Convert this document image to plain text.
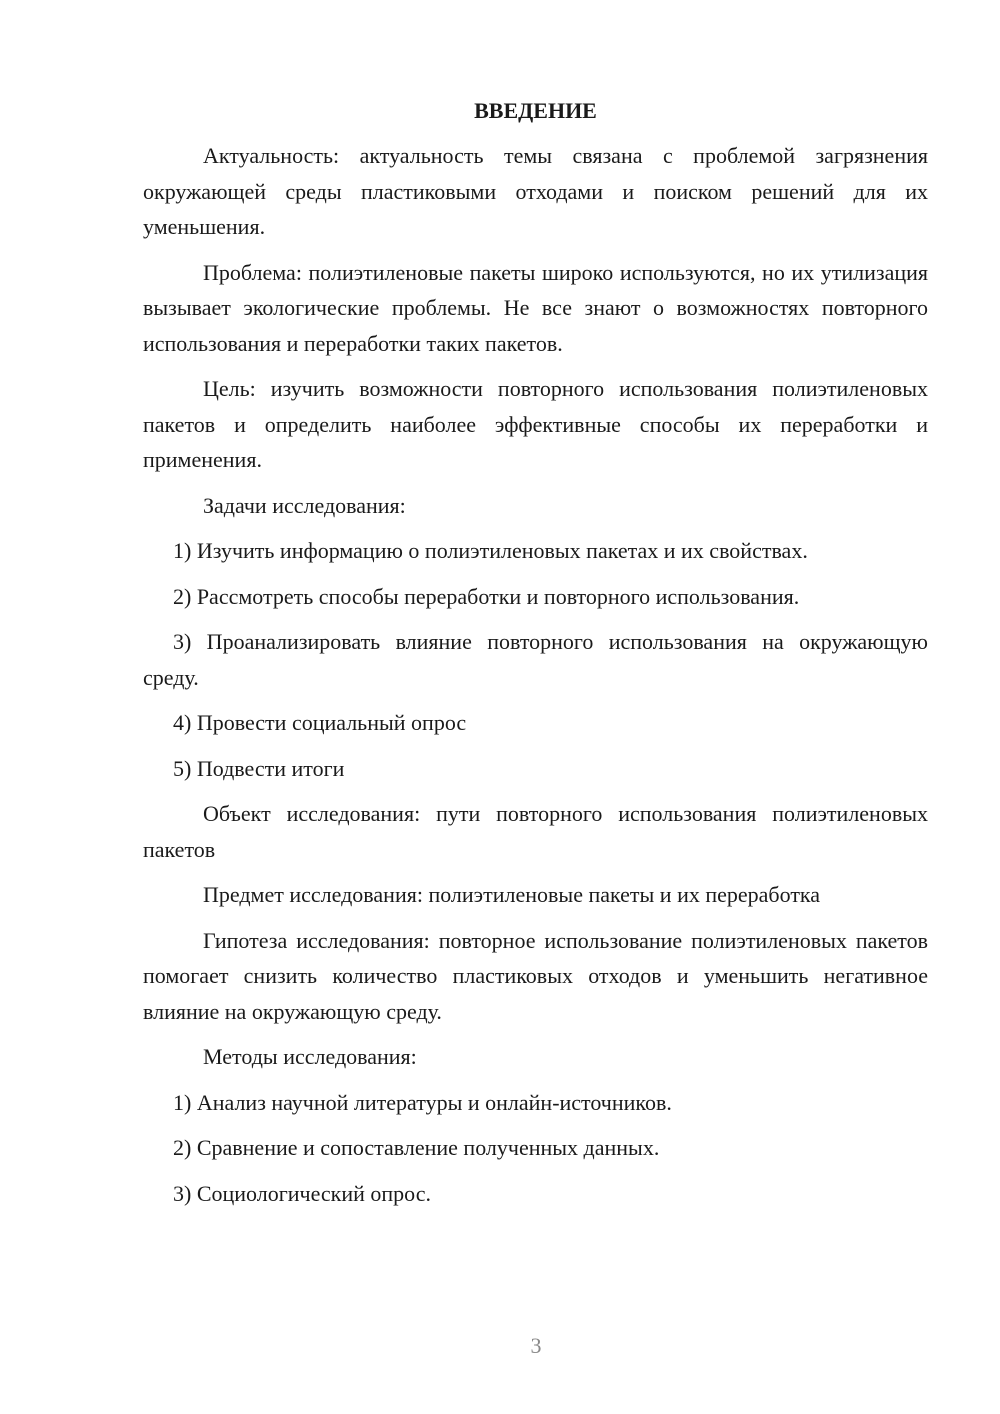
ВВЕДЕНИЕ
Актуальность: актуальность темы связана с проблемой загрязнения окружающей среды пластиковыми отходами и поиском решений для их уменьшения.
Проблема: полиэтиленовые пакеты широко используются, но их утилизация вызывает экологические проблемы. Не все знают о возможностях повторного использования и переработки таких пакетов.
Цель: изучить возможности повторного использования полиэтиленовых пакетов и определить наиболее эффективные способы их переработки и применения.
Задачи исследования:
1) Изучить информацию о полиэтиленовых пакетах и их свойствах.
2) Рассмотреть способы переработки и повторного использования.
3) Проанализировать влияние повторного использования на окружающую среду.
4) Провести социальный опрос
5) Подвести итоги
Объект исследования: пути повторного использования полиэтиленовых пакетов
Предмет исследования: полиэтиленовые пакеты и их переработка
Гипотеза исследования: повторное использование полиэтиленовых пакетов помогает снизить количество пластиковых отходов и уменьшить негативное влияние на окружающую среду.
Методы исследования:
1) Анализ научной литературы и онлайн-источников.
2) Сравнение и сопоставление полученных данных.
3) Социологический опрос.
3
